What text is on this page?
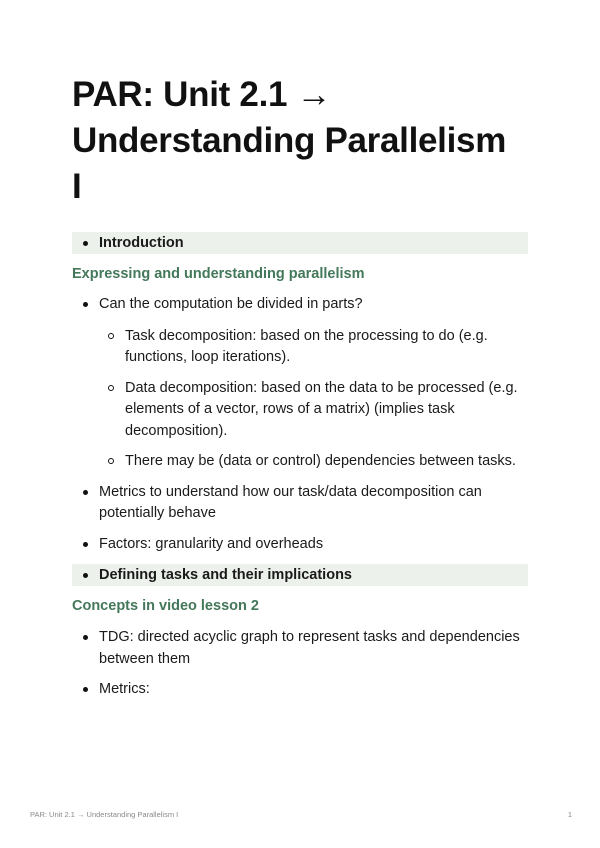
PAR: Unit 2.1 → Understanding Parallelism I
Introduction
Expressing and understanding parallelism
Can the computation be divided in parts?
Task decomposition: based on the processing to do (e.g. functions, loop iterations).
Data decomposition: based on the data to be processed (e.g. elements of a vector, rows of a matrix) (implies task decomposition).
There may be (data or control) dependencies between tasks.
Metrics to understand how our task/data decomposition can potentially behave
Factors: granularity and overheads
Defining tasks and their implications
Concepts in video lesson 2
TDG: directed acyclic graph to represent tasks and dependencies between them
Metrics:
PAR: Unit 2.1 → Understanding Parallelism I	1
